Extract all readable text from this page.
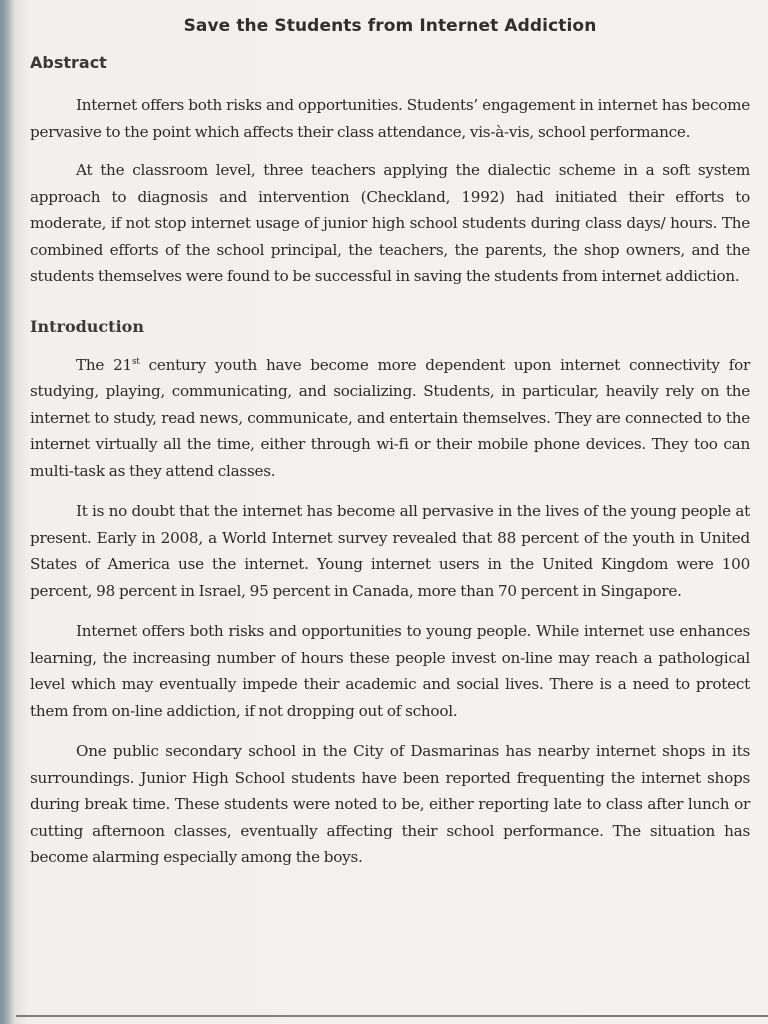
Save the Students from Internet Addiction
Abstract

Internet offers both risks and opportunities. Students’ engagement in internet has become pervasive to the point which affects their class attendance, vis-à-vis, school performance.

At the classroom level, three teachers applying the dialectic scheme in a soft system approach to diagnosis and intervention (Checkland, 1992) had initiated their efforts to moderate, if not stop internet usage of junior high school students during class days/ hours. The combined efforts of the school principal, the teachers, the parents, the shop owners, and the students themselves were found to be successful in saving the students from internet addiction.

Introduction

The 21st century youth have become more dependent upon internet connectivity for studying, playing, communicating, and socializing. Students, in particular, heavily rely on the internet to study, read news, communicate, and entertain themselves. They are connected to the internet virtually all the time, either through wi-fi or their mobile phone devices. They too can multi-task as they attend classes.

It is no doubt that the internet has become all pervasive in the lives of the young people at present. Early in 2008, a World Internet survey revealed that 88 percent of the youth in United States of America use the internet. Young internet users in the United Kingdom were 100 percent, 98 percent in Israel, 95 percent in Canada, more than 70 percent in Singapore.

Internet offers both risks and opportunities to young people. While internet use enhances learning, the increasing number of hours these people invest on-line may reach a pathological level which may eventually impede their academic and social lives. There is a need to protect them from on-line addiction, if not dropping out of school.

One public secondary school in the City of Dasmarinas has nearby internet shops in its surroundings. Junior High School students have been reported frequenting the internet shops during break time. These students were noted to be, either reporting late to class after lunch or cutting afternoon classes, eventually affecting their school performance. The situation has become alarming especially among the boys.
